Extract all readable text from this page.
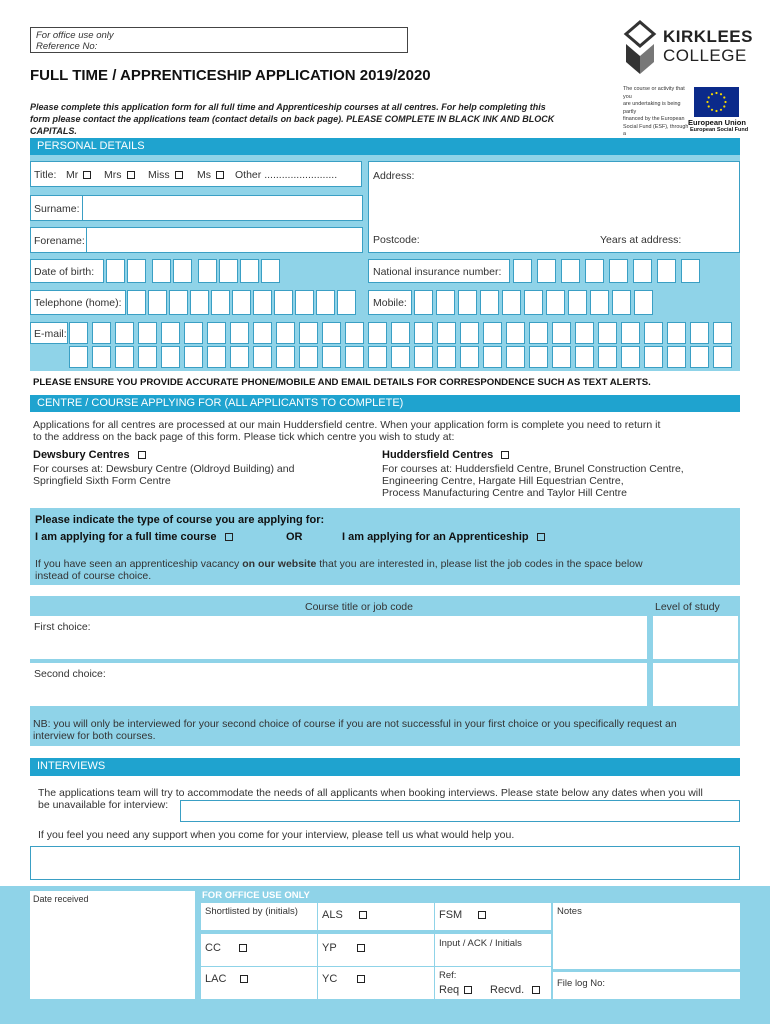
For office use only
Reference No:
KIRKLEES
COLLEGE
The course or activity that you
are undertaking is being partly
financed by the European
Social Fund (ESF), through a
European Union
European Social Fund
FULL TIME / APPRENTICESHIP APPLICATION 2019/2020
Please complete this application form for all full time and Apprenticeship courses at all centres. For help completing this
form please contact the applications team (contact details on back page). PLEASE COMPLETE IN BLACK INK AND BLOCK
CAPITALS.
PERSONAL DETAILS
Title: Mr	Mrs	Miss	Ms	Other .........................	Address:
Surname:
Forename:	Postcode:	Years at address:
Date of birth:	National insurance number:
Telephone (home):	Mobile:
E-mail:
PLEASE ENSURE YOU PROVIDE ACCURATE PHONE/MOBILE AND EMAIL DETAILS FOR CORRESPONDENCE SUCH AS TEXT ALERTS.
CENTRE / COURSE APPLYING FOR (ALL APPLICANTS TO COMPLETE)
Applications for all centres are processed at our main Huddersfield centre. When your application form is complete you need to return it
to the address on the back page of this form. Please tick which centre you wish to study at:
Dewsbury Centres
For courses at: Dewsbury Centre (Oldroyd Building) and
Springfield Sixth Form Centre
Huddersfield Centres
For courses at: Huddersfield Centre, Brunel Construction Centre,
Engineering Centre, Hargate Hill Equestrian Centre,
Process Manufacturing Centre and Taylor Hill Centre
Please indicate the type of course you are applying for:
I am applying for a full time course	OR	I am applying for an Apprenticeship
If you have seen an apprenticeship vacancy on our website that you are interested in, please list the job codes in the space below
instead of course choice.
Course title or job code	Level of study
First choice:
Second choice:
NB: you will only be interviewed for your second choice of course if you are not successful in your first choice or you specifically request an
interview for both courses.
INTERVIEWS
The applications team will try to accommodate the needs of all applicants when booking interviews. Please state below any dates when you will
be unavailable for interview:
If you feel you need any support when you come for your interview, please tell us what would help you.
Date received	FOR OFFICE USE ONLY
Shortlisted by (initials) ALS	FSM	Notes
CC	YP	Input / ACK / Initials
LAC	YC	Ref:
Req	Recvd.
File log No:
